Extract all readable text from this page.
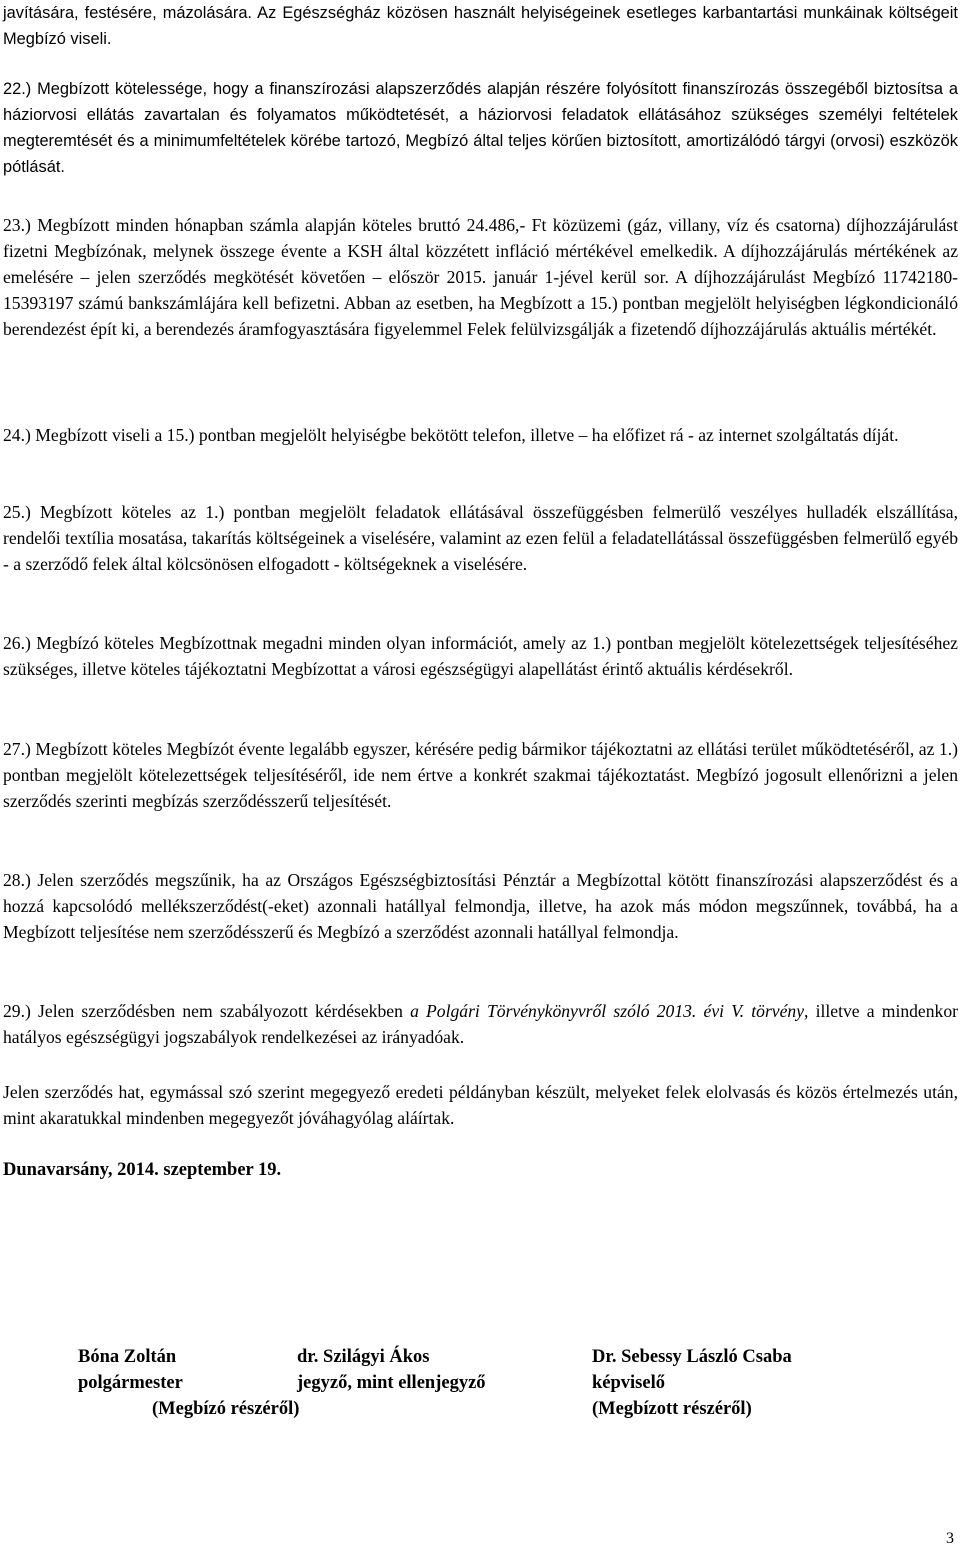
javítására, festésére, mázolására. Az Egészségház közösen használt helyiségeinek esetleges karbantartási munkáinak költségeit Megbízó viseli.

22.) Megbízott kötelessége, hogy a finanszírozási alapszerződés alapján részére folyósított finanszírozás összegéből biztosítsa a háziorvosi ellátás zavartalan és folyamatos működtetését, a háziorvosi feladatok ellátásához szükséges személyi feltételek megteremtését és a minimumfeltételek körébe tartozó, Megbízó által teljes körűen biztosított, amortizálódó tárgyi (orvosi) eszközök pótlását.

23.) Megbízott minden hónapban számla alapján köteles bruttó 24.486,- Ft közüzemi (gáz, villany, víz és csatorna) díjhozzájárulást fizetni Megbízónak, melynek összege évente a KSH által közzétett infláció mértékével emelkedik. A díjhozzájárulás mértékének az emelésére – jelen szerződés megkötését követően – először 2015. január 1-jével kerül sor. A díjhozzájárulást Megbízó 11742180-15393197 számú bankszámlájára kell befizetni. Abban az esetben, ha Megbízott a 15.) pontban megjelölt helyiségben légkondicionáló berendezést épít ki, a berendezés áramfogyasztására figyelemmel Felek felülvizsgálják a fizetendő díjhozzájárulás aktuális mértékét.

24.) Megbízott viseli a 15.) pontban megjelölt helyiségbe bekötött telefon, illetve – ha előfizet rá - az internet szolgáltatás díját.

25.) Megbízott köteles az 1.) pontban megjelölt feladatok ellátásával összefüggésben felmerülő veszélyes hulladék elszállítása, rendelői textília mosatása, takarítás költségeinek a viselésére, valamint az ezen felül a feladatellátással összefüggésben felmerülő egyéb - a szerződő felek által kölcsönösen elfogadott - költségeknek a viselésére.

26.) Megbízó köteles Megbízottnak megadni minden olyan információt, amely az 1.) pontban megjelölt kötelezettségek teljesítéséhez szükséges, illetve köteles tájékoztatni Megbízottat a városi egészségügyi alapellátást érintő aktuális kérdésekről.

27.) Megbízott köteles Megbízót évente legalább egyszer, kérésére pedig bármikor tájékoztatni az ellátási terület működtetéséről, az 1.) pontban megjelölt kötelezettségek teljesítéséről, ide nem értve a konkrét szakmai tájékoztatást. Megbízó jogosult ellenőrizni a jelen szerződés szerinti megbízás szerződésszerű teljesítését.

28.) Jelen szerződés megszűnik, ha az Országos Egészségbiztosítási Pénztár a Megbízottal kötött finanszírozási alapszerződést és a hozzá kapcsolódó mellékszerződést(-eket) azonnali hatállyal felmondja, illetve, ha azok más módon megszűnnek, továbbá, ha a Megbízott teljesítése nem szerződésszerű és Megbízó a szerződést azonnali hatállyal felmondja.

29.) Jelen szerződésben nem szabályozott kérdésekben a Polgári Törvénykönyvről szóló 2013. évi V. törvény, illetve a mindenkor hatályos egészségügyi jogszabályok rendelkezései az irányadóak.

Jelen szerződés hat, egymással szó szerint megegyező eredeti példányban készült, melyeket felek elolvasás és közös értelmezés után, mint akaratukkal mindenben megegyezőt jóváhagyólag aláírtak.

Dunavarsány, 2014. szeptember 19.

Bóna Zoltán
polgármester
dr. Szilágyi Ákos
jegyző, mint ellenjegyző
(Megbízó részéről)
Dr. Sebessy László Csaba
képviselő
(Megbízott részéről)
3
